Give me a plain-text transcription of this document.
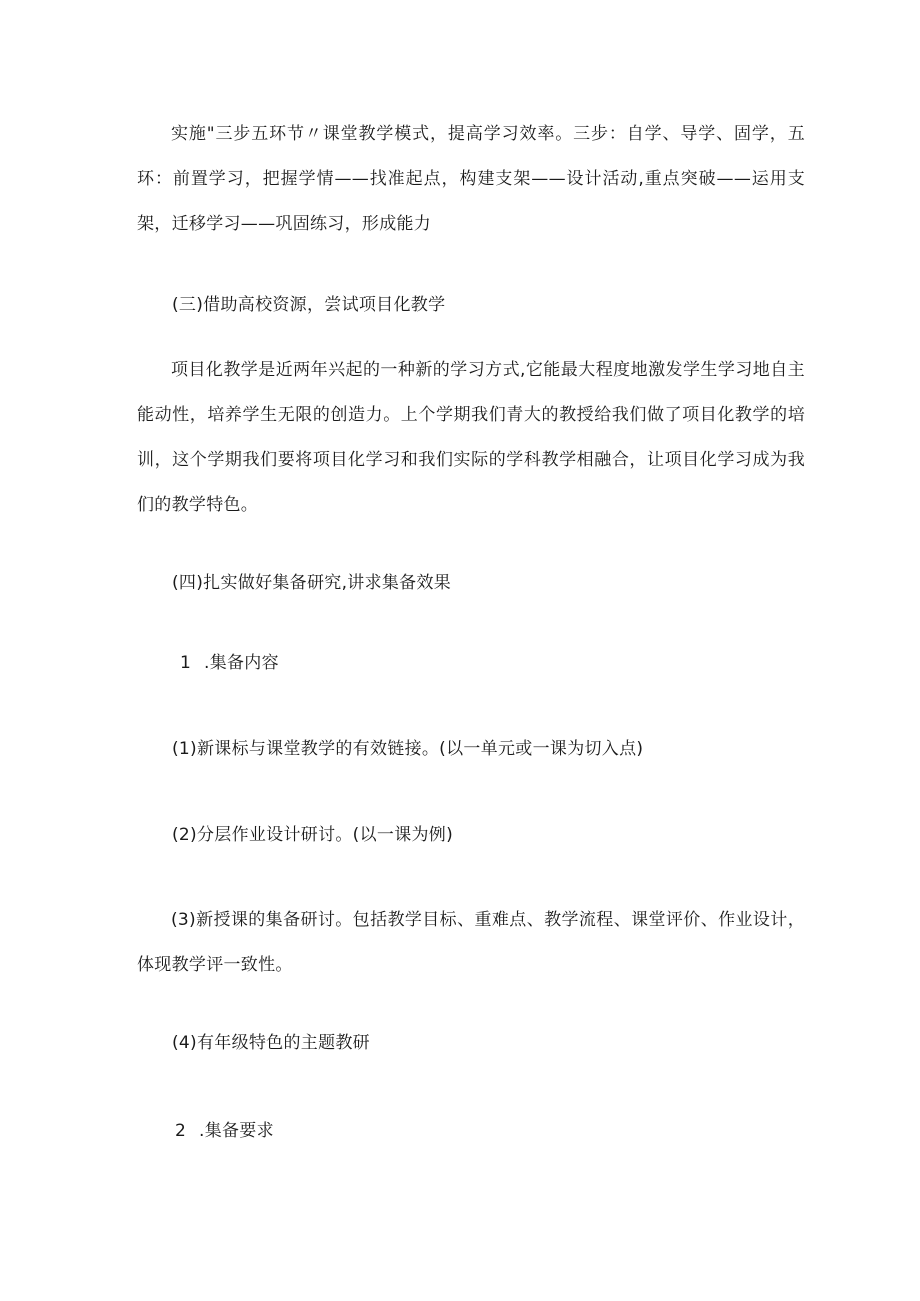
实施"三步五环节〃课堂教学模式，提高学习效率。三步：自学、导学、固学，五环：前置学习，把握学情——找准起点，构建支架——设计活动,重点突破——运用支架，迁移学习——巩固练习，形成能力

(三)借助高校资源，尝试项目化教学

项目化教学是近两年兴起的一种新的学习方式,它能最大程度地激发学生学习地自主能动性，培养学生无限的创造力。上个学期我们青大的教授给我们做了项目化教学的培训，这个学期我们要将项目化学习和我们实际的学科教学相融合，让项目化学习成为我们的教学特色。

(四)扎实做好集备研究,讲求集备效果

1 .集备内容

(1)新课标与课堂教学的有效链接。(以一单元或一课为切入点)

(2)分层作业设计研讨。(以一课为例)

(3)新授课的集备研讨。包括教学目标、重难点、教学流程、课堂评价、作业设计，体现教学评一致性。

(4)有年级特色的主题教研

2 .集备要求
